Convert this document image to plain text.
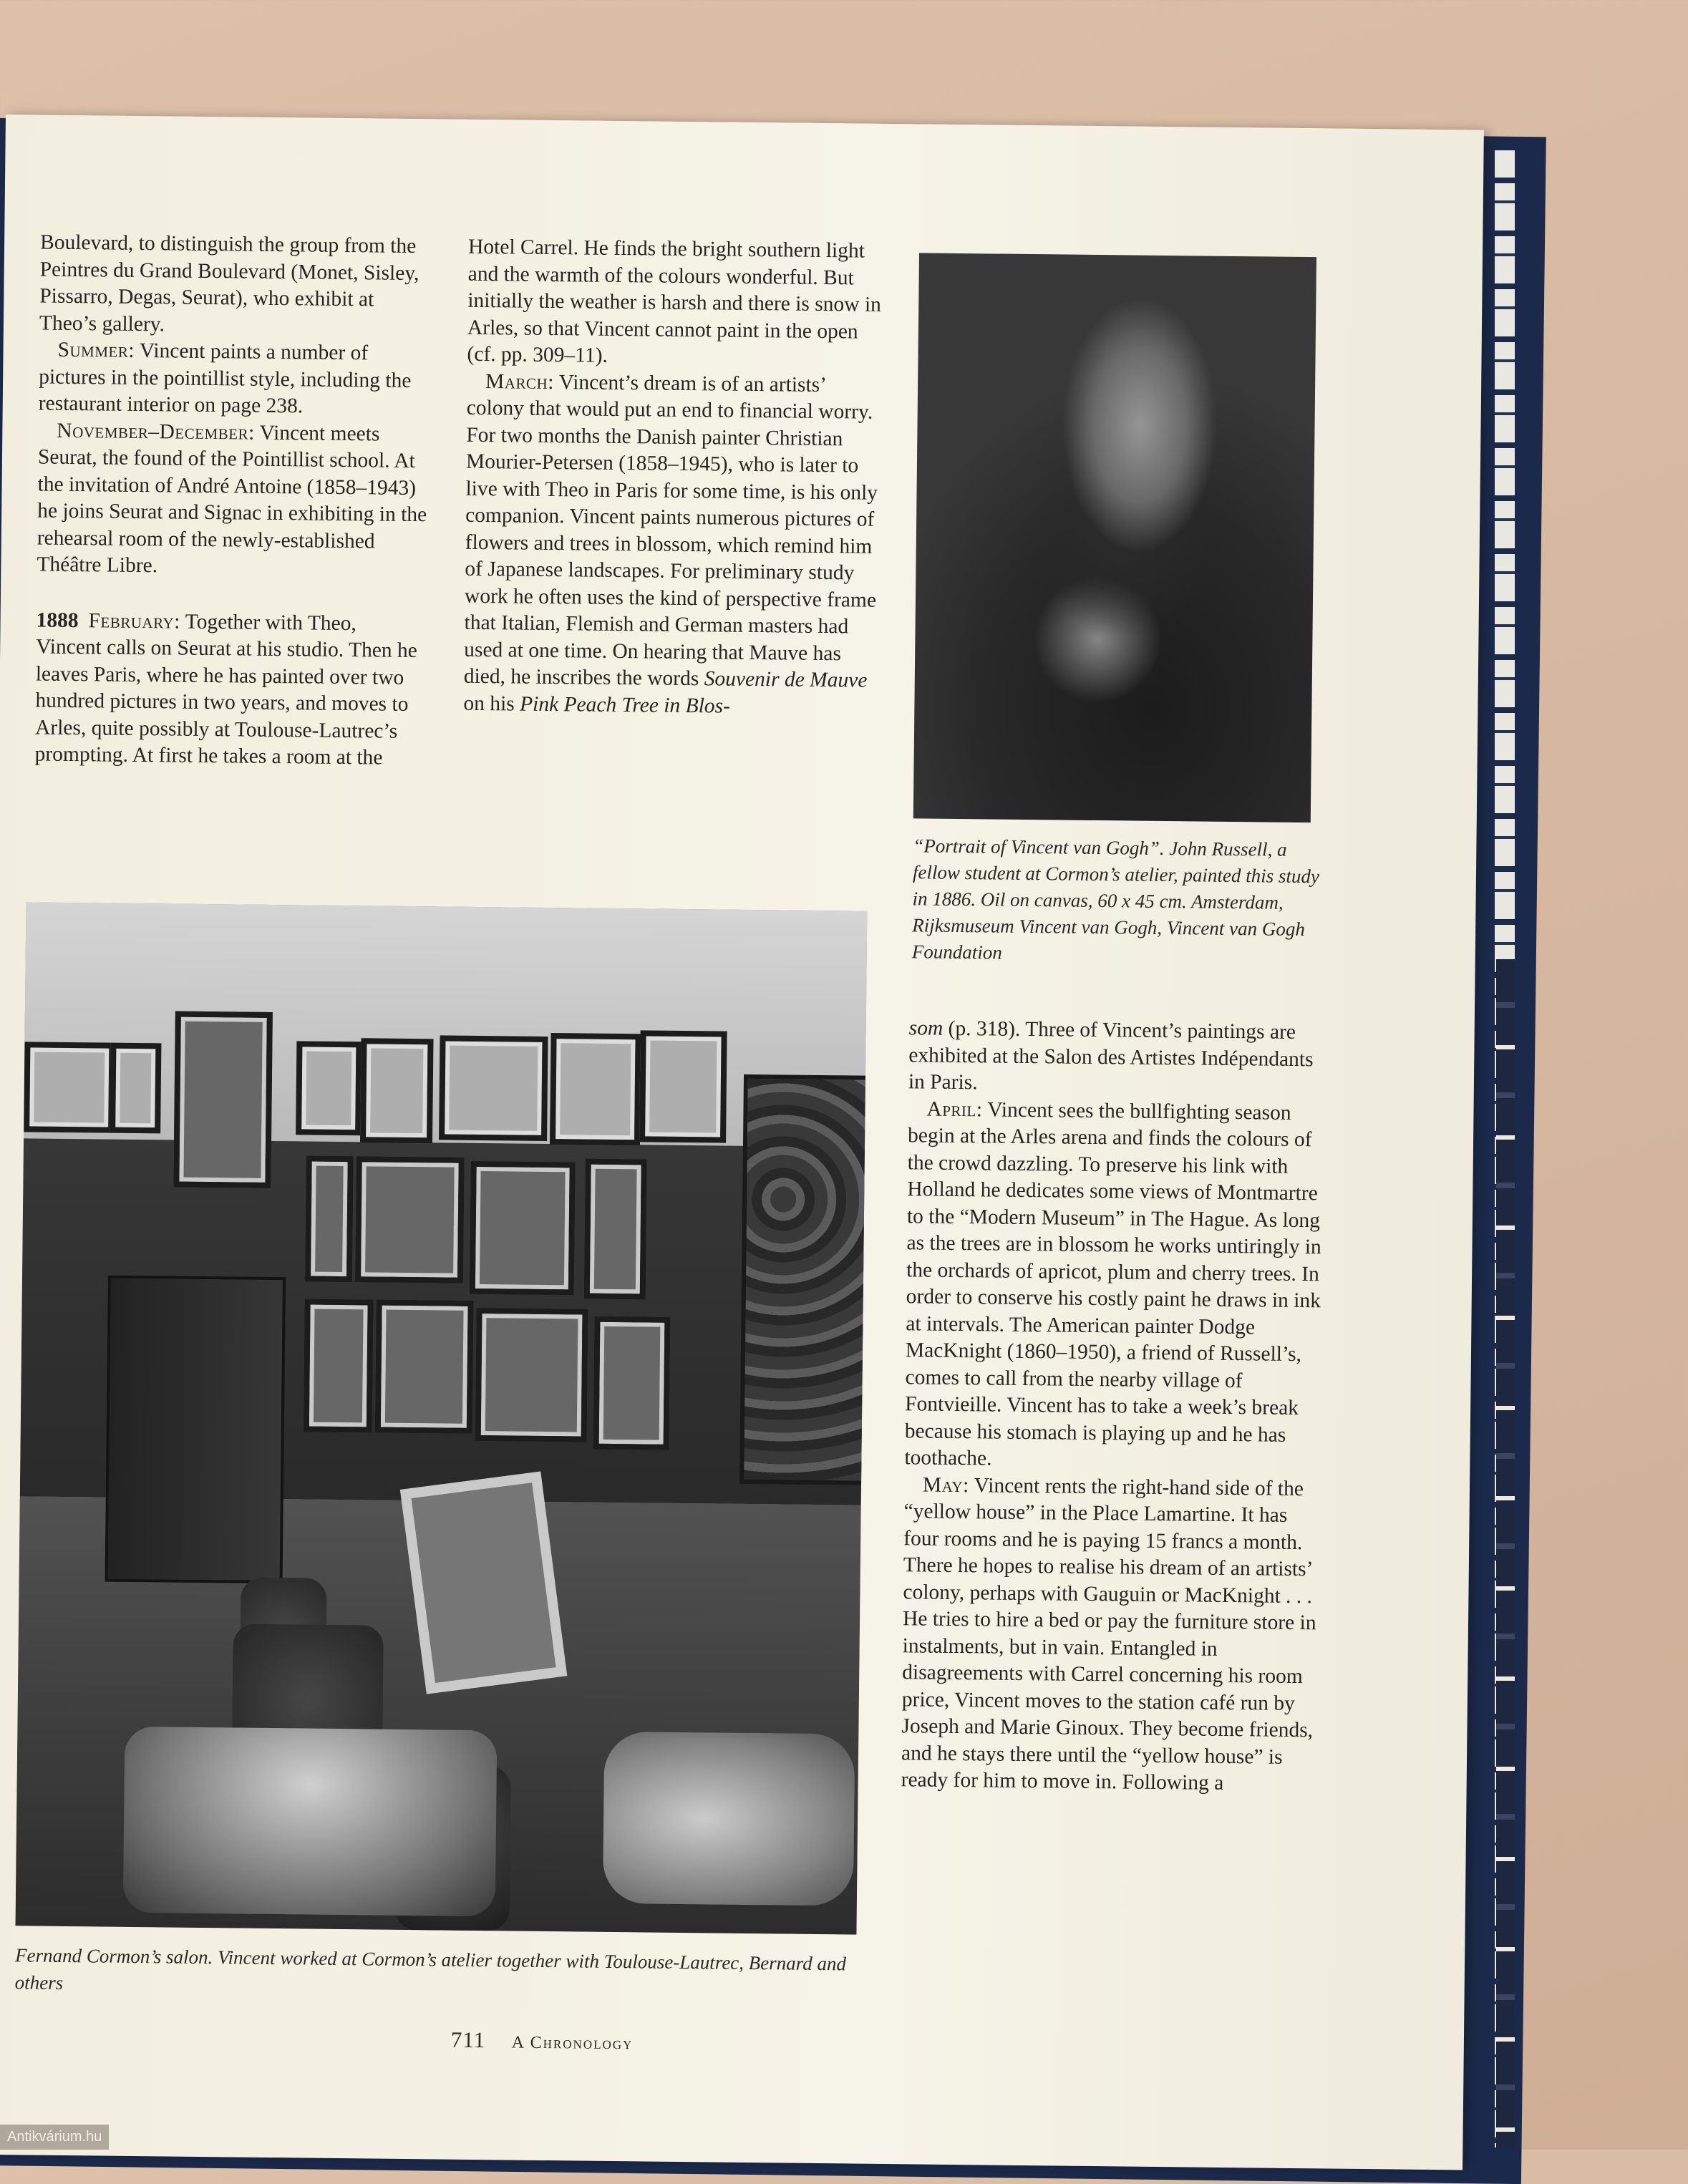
Boulevard, to distinguish the group from the Peintres du Grand Boulevard (Monet, Sisley, Pissarro, Degas, Seurat), who exhibit at Theo’s gallery.

Summer: Vincent paints a number of pictures in the pointillist style, including the restaurant interior on page 238.

November–December: Vincent meets Seurat, the found of the Pointillist school. At the invitation of André Antoine (1858–1943) he joins Seurat and Signac in exhibiting in the rehearsal room of the newly-established Théâtre Libre.

1888 February: Together with Theo, Vincent calls on Seurat at his studio. Then he leaves Paris, where he has painted over two hundred pictures in two years, and moves to Arles, quite possibly at Toulouse-Lautrec’s prompting. At first he takes a room at the

Hotel Carrel. He finds the bright southern light and the warmth of the colours wonderful. But initially the weather is harsh and there is snow in Arles, so that Vincent cannot paint in the open (cf. pp. 309–11).

March: Vincent’s dream is of an artists’ colony that would put an end to financial worry. For two months the Danish painter Christian Mourier-Petersen (1858–1945), who is later to live with Theo in Paris for some time, is his only companion. Vincent paints numerous pictures of flowers and trees in blossom, which remind him of Japanese landscapes. For preliminary study work he often uses the kind of perspective frame that Italian, Flemish and German masters had used at one time. On hearing that Mauve has died, he inscribes the words Souvenir de Mauve on his Pink Peach Tree in Blos-

“Portrait of Vincent van Gogh”. John Russell, a fellow student at Cormon’s atelier, painted this study in 1886. Oil on canvas, 60 x 45 cm. Amsterdam, Rijksmuseum Vincent van Gogh, Vincent van Gogh Foundation

som (p. 318). Three of Vincent’s paintings are exhibited at the Salon des Artistes Indépendants in Paris.

April: Vincent sees the bullfighting season begin at the Arles arena and finds the colours of the crowd dazzling. To preserve his link with Holland he dedicates some views of Montmartre to the “Modern Museum” in The Hague. As long as the trees are in blossom he works untiringly in the orchards of apricot, plum and cherry trees. In order to conserve his costly paint he draws in ink at intervals. The American painter Dodge MacKnight (1860–1950), a friend of Russell’s, comes to call from the nearby village of Fontvieille. Vincent has to take a week’s break because his stomach is playing up and he has toothache.

May: Vincent rents the right-hand side of the “yellow house” in the Place Lamartine. It has four rooms and he is paying 15 francs a month. There he hopes to realise his dream of an artists’ colony, perhaps with Gauguin or MacKnight . . . He tries to hire a bed or pay the furniture store in instalments, but in vain. Entangled in disagreements with Carrel concerning his room price, Vincent moves to the station café run by Joseph and Marie Ginoux. They become friends, and he stays there until the “yellow house” is ready for him to move in. Following a

Fernand Cormon’s salon. Vincent worked at Cormon’s atelier together with Toulouse-Lautrec, Bernard and others
711 A Chronology
Antikvárium.hu
